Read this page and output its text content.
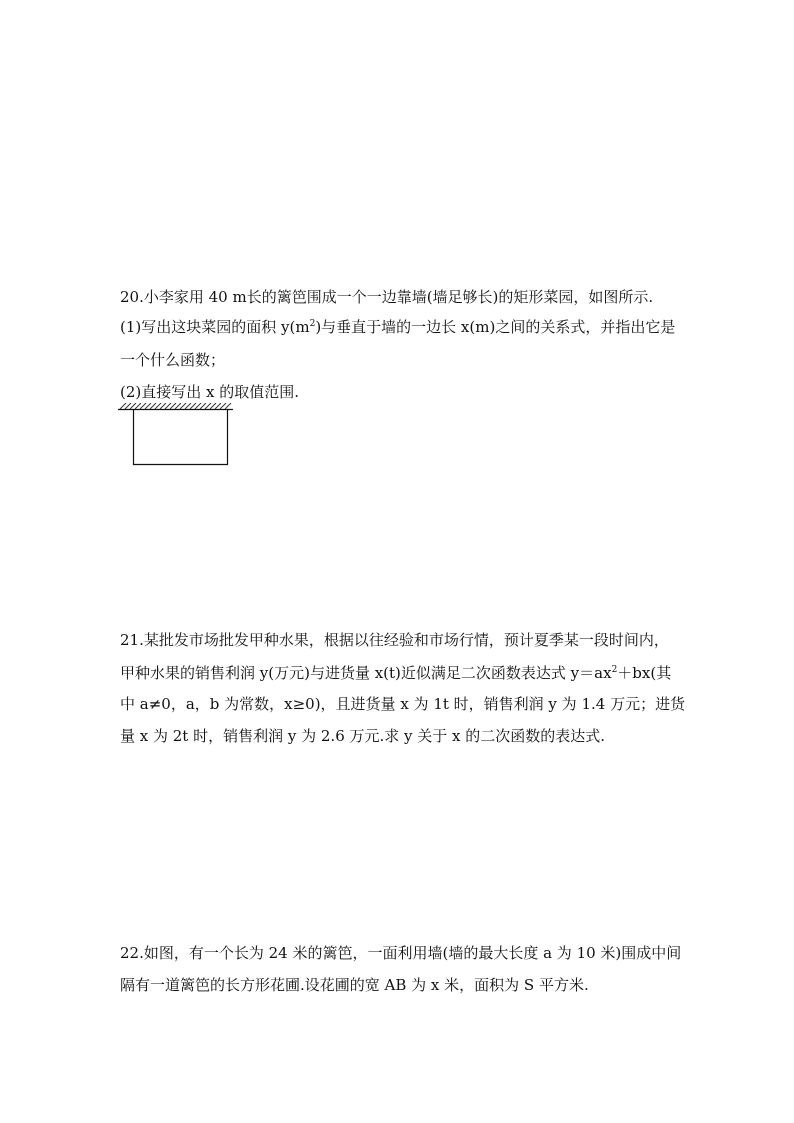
20.小李家用 40 m长的篱笆围成一个一边靠墙(墙足够长)的矩形菜园，如图所示.
(1)写出这块菜园的面积 $y(m^2)$与垂直于墙的一边长 x(m)之间的关系式，并指出它是
一个什么函数；
(2)直接写出 x 的取值范围.
21.某批发市场批发甲种水果，根据以往经验和市场行情，预计夏季某一段时间内，
甲种水果的销售利润 y(万元)与进货量 x(t)近似满足二次函数表达式 $y=ax^2+bx$(其
中 a≠0，a，b 为常数，x≥0)，且进货量 x 为 1t 时，销售利润 y 为 1.4 万元；进货
量 x 为 2t 时，销售利润 y 为 2.6 万元.求 y 关于 x 的二次函数的表达式.
22.如图，有一个长为 24 米的篱笆，一面利用墙(墙的最大长度 a 为 10 米)围成中间
隔有一道篱笆的长方形花圃.设花圃的宽 AB 为 x 米，面积为 S 平方米.
